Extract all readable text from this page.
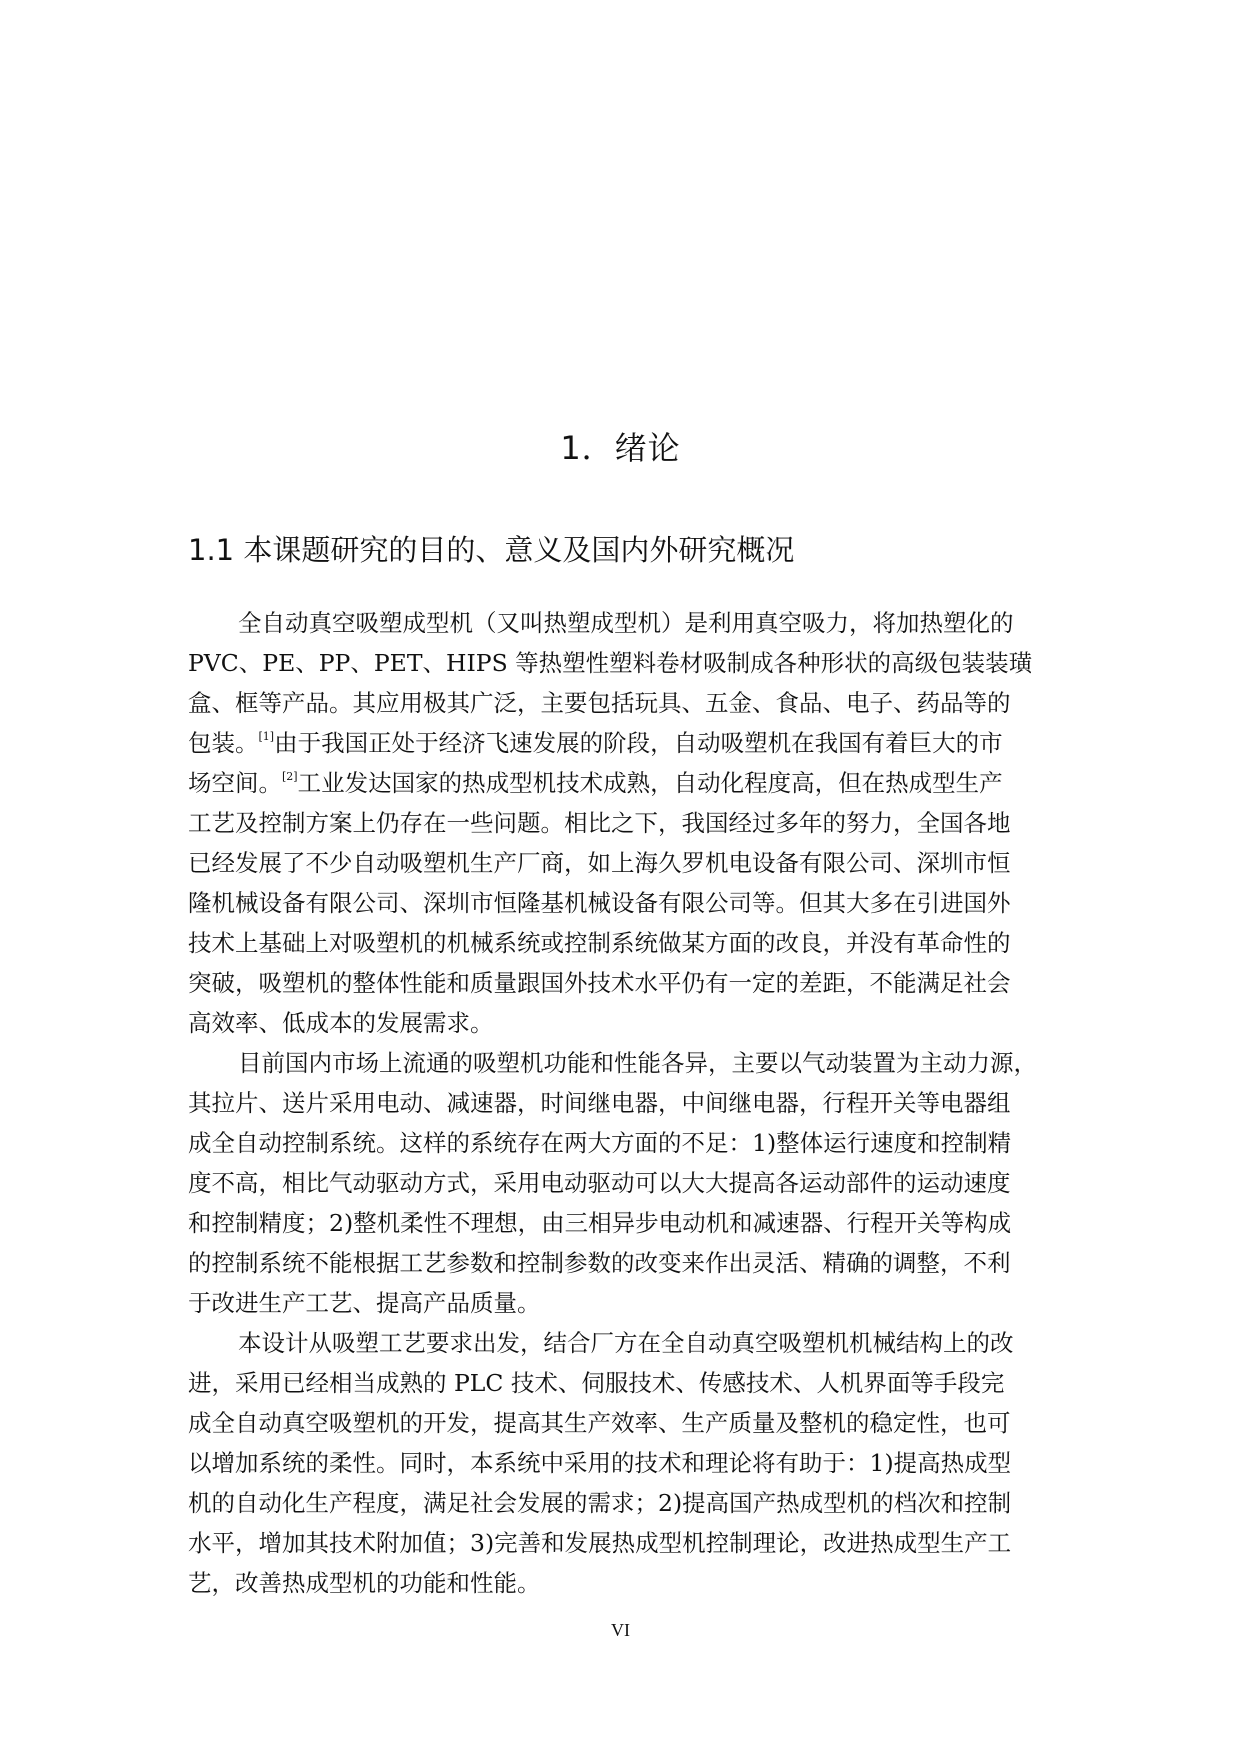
1．绪论
1.1 本课题研究的目的、意义及国内外研究概况
全自动真空吸塑成型机（又叫热塑成型机）是利用真空吸力，将加热塑化的
PVC、PE、PP、PET、HIPS 等热塑性塑料卷材吸制成各种形状的高级包装装璜
盒、框等产品。其应用极其广泛，主要包括玩具、五金、食品、电子、药品等的
包装。[1]由于我国正处于经济飞速发展的阶段，自动吸塑机在我国有着巨大的市
场空间。[2]工业发达国家的热成型机技术成熟，自动化程度高，但在热成型生产
工艺及控制方案上仍存在一些问题。相比之下，我国经过多年的努力，全国各地
已经发展了不少自动吸塑机生产厂商，如上海久罗机电设备有限公司、深圳市恒
隆机械设备有限公司、深圳市恒隆基机械设备有限公司等。但其大多在引进国外
技术上基础上对吸塑机的机械系统或控制系统做某方面的改良，并没有革命性的
突破，吸塑机的整体性能和质量跟国外技术水平仍有一定的差距，不能满足社会
高效率、低成本的发展需求。
目前国内市场上流通的吸塑机功能和性能各异，主要以气动装置为主动力源，
其拉片、送片采用电动、减速器，时间继电器，中间继电器，行程开关等电器组
成全自动控制系统。这样的系统存在两大方面的不足：1)整体运行速度和控制精
度不高，相比气动驱动方式，采用电动驱动可以大大提高各运动部件的运动速度
和控制精度；2)整机柔性不理想，由三相异步电动机和减速器、行程开关等构成
的控制系统不能根据工艺参数和控制参数的改变来作出灵活、精确的调整，不利
于改进生产工艺、提高产品质量。
本设计从吸塑工艺要求出发，结合厂方在全自动真空吸塑机机械结构上的改
进，采用已经相当成熟的 PLC 技术、伺服技术、传感技术、人机界面等手段完
成全自动真空吸塑机的开发，提高其生产效率、生产质量及整机的稳定性，也可
以增加系统的柔性。同时，本系统中采用的技术和理论将有助于：1)提高热成型
机的自动化生产程度，满足社会发展的需求；2)提高国产热成型机的档次和控制
水平，增加其技术附加值；3)完善和发展热成型机控制理论，改进热成型生产工
艺，改善热成型机的功能和性能。
VI
